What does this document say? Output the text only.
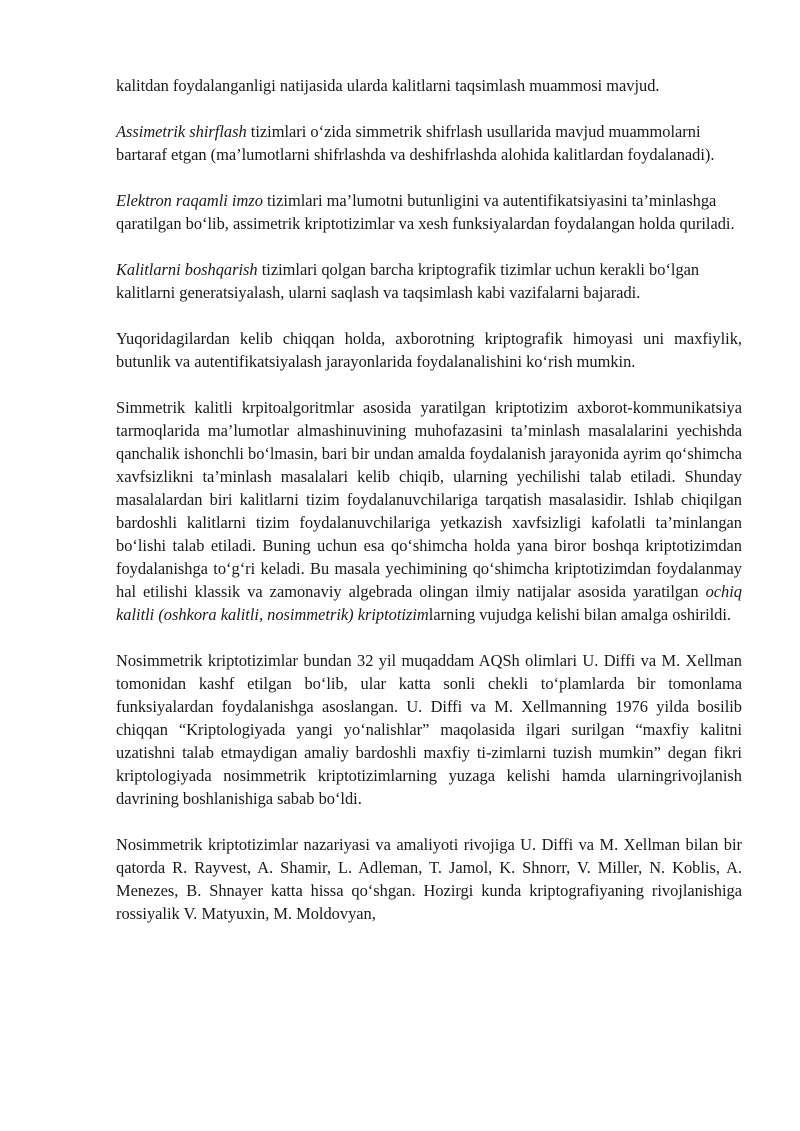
kalitdan foydalanganligi natijasida ularda kalitlarni taqsimlash muammosi mavjud.

Assimetrik shirflash tizimlari o‘zida simmetrik shifrlash usullarida mavjud muammolarni bartaraf etgan (ma’lumotlarni shifrlashda va deshifrlashda alohida kalitlardan foydalanadi).

Elektron raqamli imzo tizimlari ma’lumotni butunligini va autentifikatsiyasini ta’minlashga qaratilgan bo‘lib, assimetrik kriptotizimlar va xesh funksiyalardan foydalangan holda quriladi.

Kalitlarni boshqarish tizimlari qolgan barcha kriptografik tizimlar uchun kerakli bo‘lgan kalitlarni generatsiyalash, ularni saqlash va taqsimlash kabi vazifalarni bajaradi.

Yuqoridagilardan kelib chiqqan holda, axborotning kriptografik himoyasi uni maxfiylik, butunlik va autentifikatsiyalash jarayonlarida foydalanalishini ko‘rish mumkin.

Simmetrik kalitli krpitoalgoritmlar asosida yaratilgan kriptotizim axborot-kommunikatsiya tarmoqlarida ma’lumotlar almashinuvining muhofazasini ta’minlash masalalarini yechishda qanchalik ishonchli bo‘lmasin, bari bir undan amalda foydalanish jarayonida ayrim qo‘shimcha xavfsizlikni ta’minlash masalalari kelib chiqib, ularning yechilishi talab etiladi. Shunday masalalardan biri kalitlarni tizim foydalanuvchilariga tarqatish masalasidir. Ishlab chiqilgan bardoshli kalitlarni tizim foydalanuvchilariga yetkazish xavfsizligi kafolatli ta’minlangan bo‘lishi talab etiladi. Buning uchun esa qo‘shimcha holda yana biror boshqa kriptotizimdan foydalanishga to‘g‘ri keladi. Bu masala yechimining qo‘shimcha kriptotizimdan foydalanmay hal etilishi klassik va zamonaviy algebrada olingan ilmiy natijalar asosida yaratilgan ochiq kalitli (oshkora kalitli, nosimmetrik) kriptotizimlarning vujudga kelishi bilan amalga oshirildi.

Nosimmetrik kriptotizimlar bundan 32 yil muqaddam AQSh olimlari U. Diffi va M. Xellman tomonidan kashf etilgan bo‘lib, ular katta sonli chekli to‘plamlarda bir tomonlama funksiyalardan foydalanishga asoslangan. U. Diffi va M. Xellmanning 1976 yilda bosilib chiqqan “Kriptologiyada yangi yo‘nalishlar” maqolasida ilgari surilgan “maxfiy kalitni uzatishni talab etmaydigan amaliy bardoshli maxfiy ti-zimlarni tuzish mumkin” degan fikri kriptologiyada nosimmetrik kriptotizimlarning yuzaga kelishi hamda ularningrivojlanish davrining boshlanishiga sabab bo‘ldi.

Nosimmetrik kriptotizimlar nazariyasi va amaliyoti rivojiga U. Diffi va M. Xellman bilan bir qatorda R. Rayvest, A. Shamir, L. Adleman, T. Jamol, K. Shnorr, V. Miller, N. Koblis, A. Menezes, B. Shnayer katta hissa qo‘shgan. Hozirgi kunda kriptografiyaning rivojlanishiga rossiyalik V. Matyuxin, M. Moldovyan,
